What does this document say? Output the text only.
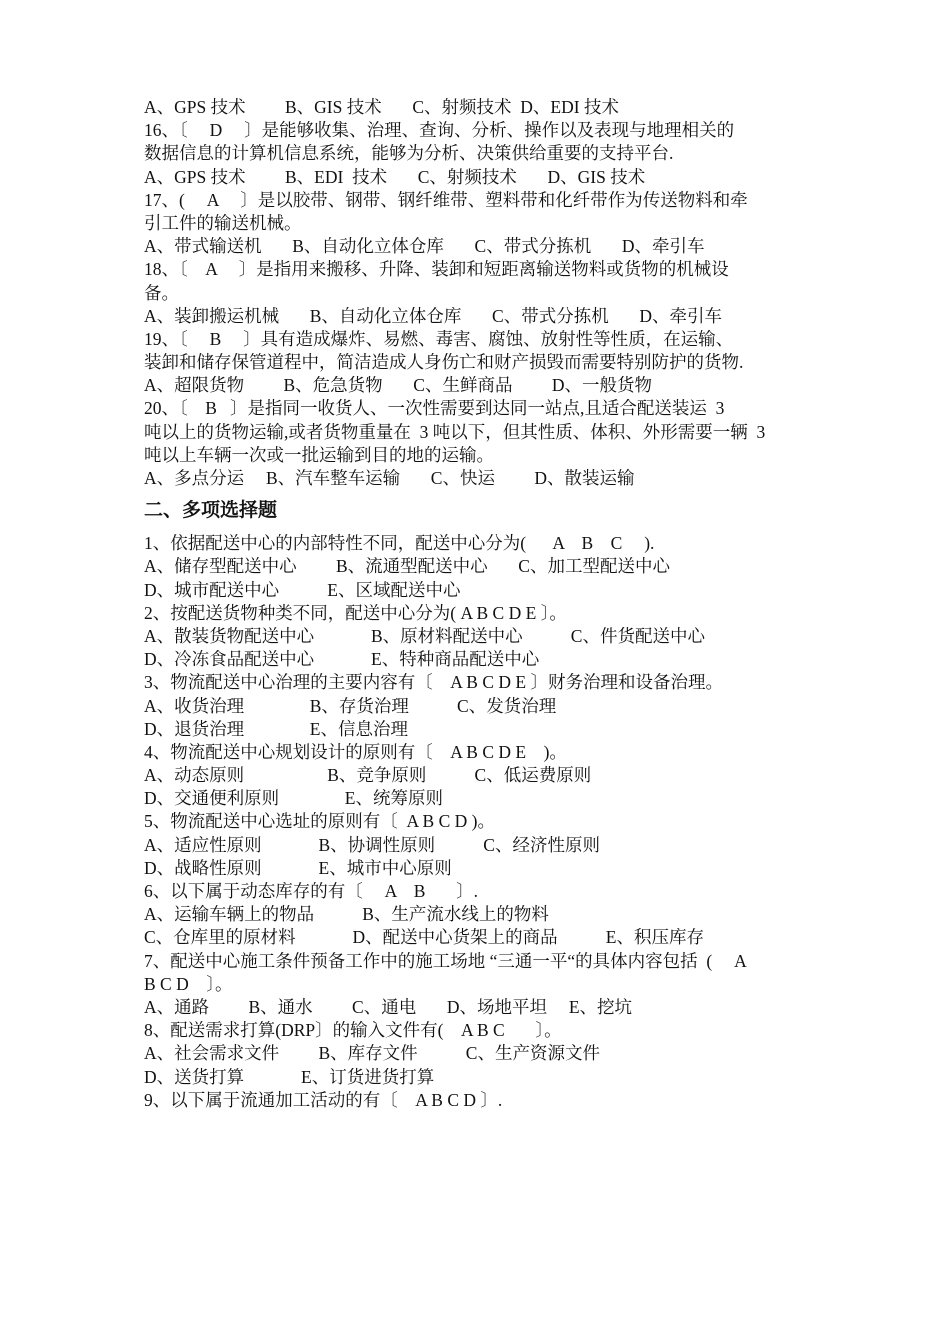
A、GPS 技术         B、GIS 技术       C、射频技术  D、EDI 技术
16、〔     D     〕是能够收集、治理、查询、分析、操作以及表现与地理相关的
数据信息的计算机信息系统，能够为分析、决策供给重要的支持平台.
A、GPS 技术         B、EDI  技术       C、射频技术       D、GIS 技术
17、(     A     〕是以胶带、钢带、钢纤维带、塑料带和化纤带作为传送物料和牵
引工件的输送机械。
A、带式输送机       B、自动化立体仓库       C、带式分拣机       D、牵引车
18、〔    A     〕是指用来搬移、升降、装卸和短距离输送物料或货物的机械设
备。
A、装卸搬运机械       B、自动化立体仓库       C、带式分拣机       D、牵引车
19、〔     B     〕具有造成爆炸、易燃、毒害、腐蚀、放射性等性质，在运输、
装卸和储存保管道程中，简洁造成人身伤亡和财产损毁而需要特别防护的货物.
A、超限货物         B、危急货物       C、生鲜商品         D、一般货物
20、〔    B   〕是指同一收货人、一次性需要到达同一站点,且适合配送装运  3
吨以上的货物运输,或者货物重量在  3 吨以下，但其性质、体积、外形需要一辆  3
吨以上车辆一次或一批运输到目的地的运输。
A、多点分运     B、汽车整车运输       C、快运         D、散装运输
二、多项选择题
1、依据配送中心的内部特性不同，配送中心分为(      A    B    C     ).
A、储存型配送中心         B、流通型配送中心       C、加工型配送中心
D、城市配送中心           E、区域配送中心
2、按配送货物种类不同，配送中心分为( A B C D E 〕。
A、散装货物配送中心             B、原材料配送中心           C、件货配送中心
D、冷冻食品配送中心             E、特种商品配送中心
3、物流配送中心治理的主要内容有〔    A B C D E 〕财务治理和设备治理。
A、收货治理               B、存货治理           C、发货治理
D、退货治理               E、信息治理
4、物流配送中心规划设计的原则有〔    A B C D E    )。
A、动态原则                   B、竞争原则           C、低运费原则
D、交通便利原则               E、统筹原则
5、物流配送中心选址的原则有〔  A B C D )。
A、适应性原则             B、协调性原则           C、经济性原则
D、战略性原则             E、城市中心原则
6、以下属于动态库存的有〔     A    B       〕.
A、运输车辆上的物品           B、生产流水线上的物料
C、仓库里的原材料             D、配送中心货架上的商品           E、积压库存
7、配送中心施工条件预备工作中的施工场地 “三通一平“的具体内容包括  (     A
B C D    〕。
A、通路         B、通水         C、通电       D、场地平坦     E、挖坑
8、配送需求打算(DRP〕的输入文件有(    A B C       〕。
A、社会需求文件         B、库存文件           C、生产资源文件
D、送货打算             E、订货进货打算
9、以下属于流通加工活动的有〔    A B C D 〕.
